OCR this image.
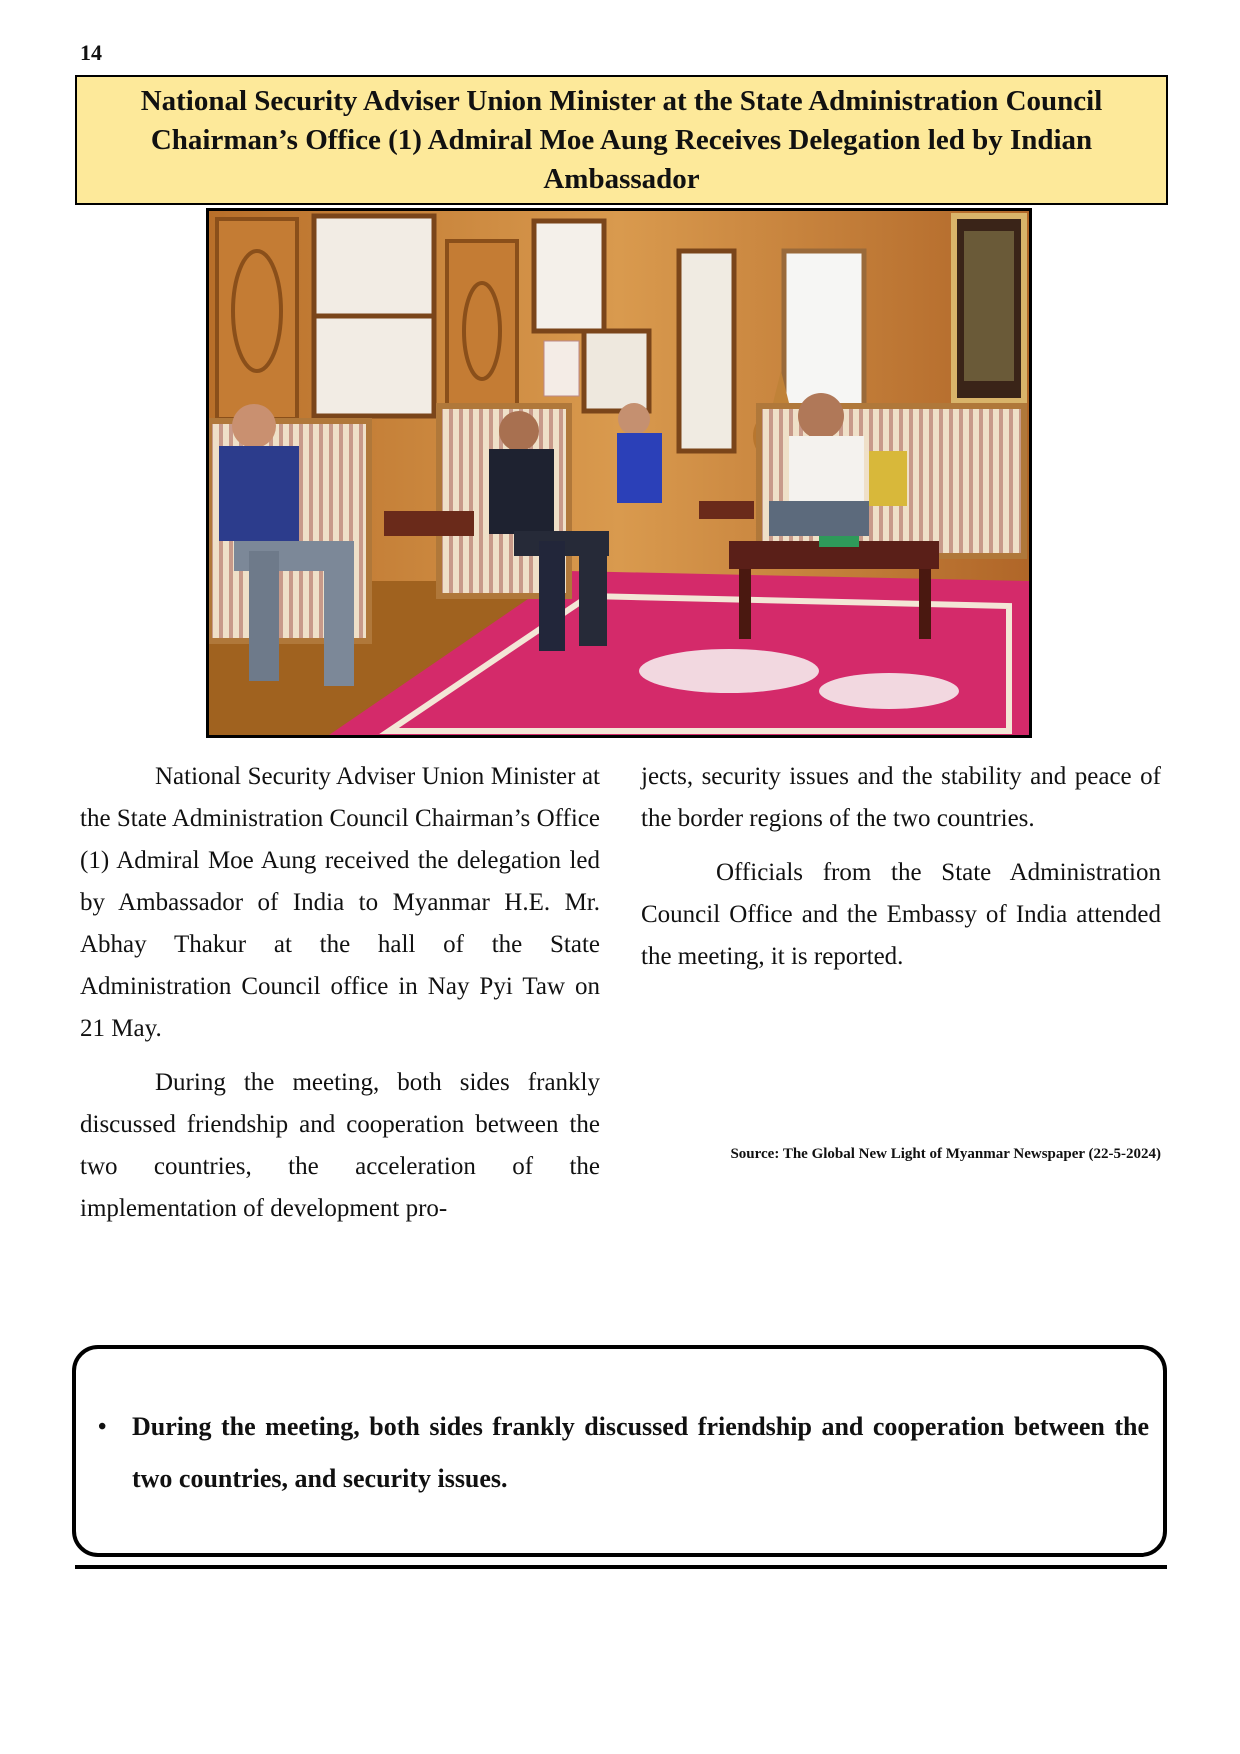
14
National Security Adviser Union Minister at the State Administration Council Chairman’s Office (1) Admiral Moe Aung Receives Delegation led by Indian Ambassador

National Security Adviser Union Minister at the State Administration Council Chairman’s Office (1) Admiral Moe Aung received the delegation led by Ambassador of India to Myanmar H.E. Mr. Abhay Thakur at the hall of the State Administration Council office in Nay Pyi Taw on 21 May.

During the meeting, both sides frankly discussed friendship and cooperation between the two countries, the acceleration of the implementation of development pro-

jects, security issues and the stability and peace of the border regions of the two countries.

Officials from the State Administration Council Office and the Embassy of India attended the meeting, it is reported.

Source: The Global New Light of Myanmar Newspaper (22-5-2024)
• During the meeting, both sides frankly discussed friendship and cooperation between the two countries, and security issues.
